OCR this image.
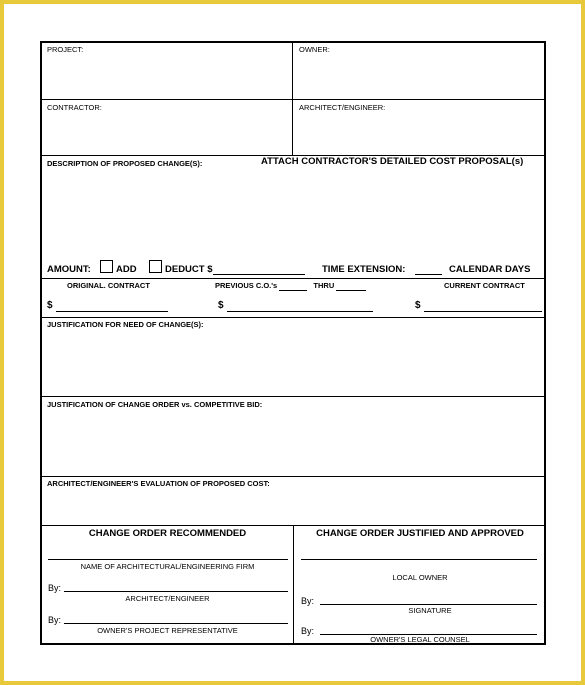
PROJECT:	OWNER:
CONTRACTOR:	ARCHITECT/ENGINEER:
DESCRIPTION OF PROPOSED CHANGE(S):	ATTACH CONTRACTOR'S DETAILED COST PROPOSAL(s)
AMOUNT:	ADD	DEDUCT $	TIME EXTENSION:	CALENDAR DAYS
ORIGINAL. CONTRACT	PREVIOUS C.O.'s	THRU	CURRENT CONTRACT
$	$	$
JUSTIFICATION FOR NEED OF CHANGE(S):
JUSTIFICATION OF CHANGE ORDER vs. COMPETITIVE BID:
ARCHITECT/ENGINEER'S EVALUATION OF PROPOSED COST:
CHANGE ORDER RECOMMENDED
NAME OF ARCHITECTURAL/ENGINEERING FIRM
By:
ARCHITECT/ENGINEER
By:
OWNER'S PROJECT REPRESENTATIVE
CHANGE ORDER JUSTIFIED AND APPROVED
LOCAL OWNER
By:
SIGNATURE
By:
OWNER'S LEGAL COUNSEL
